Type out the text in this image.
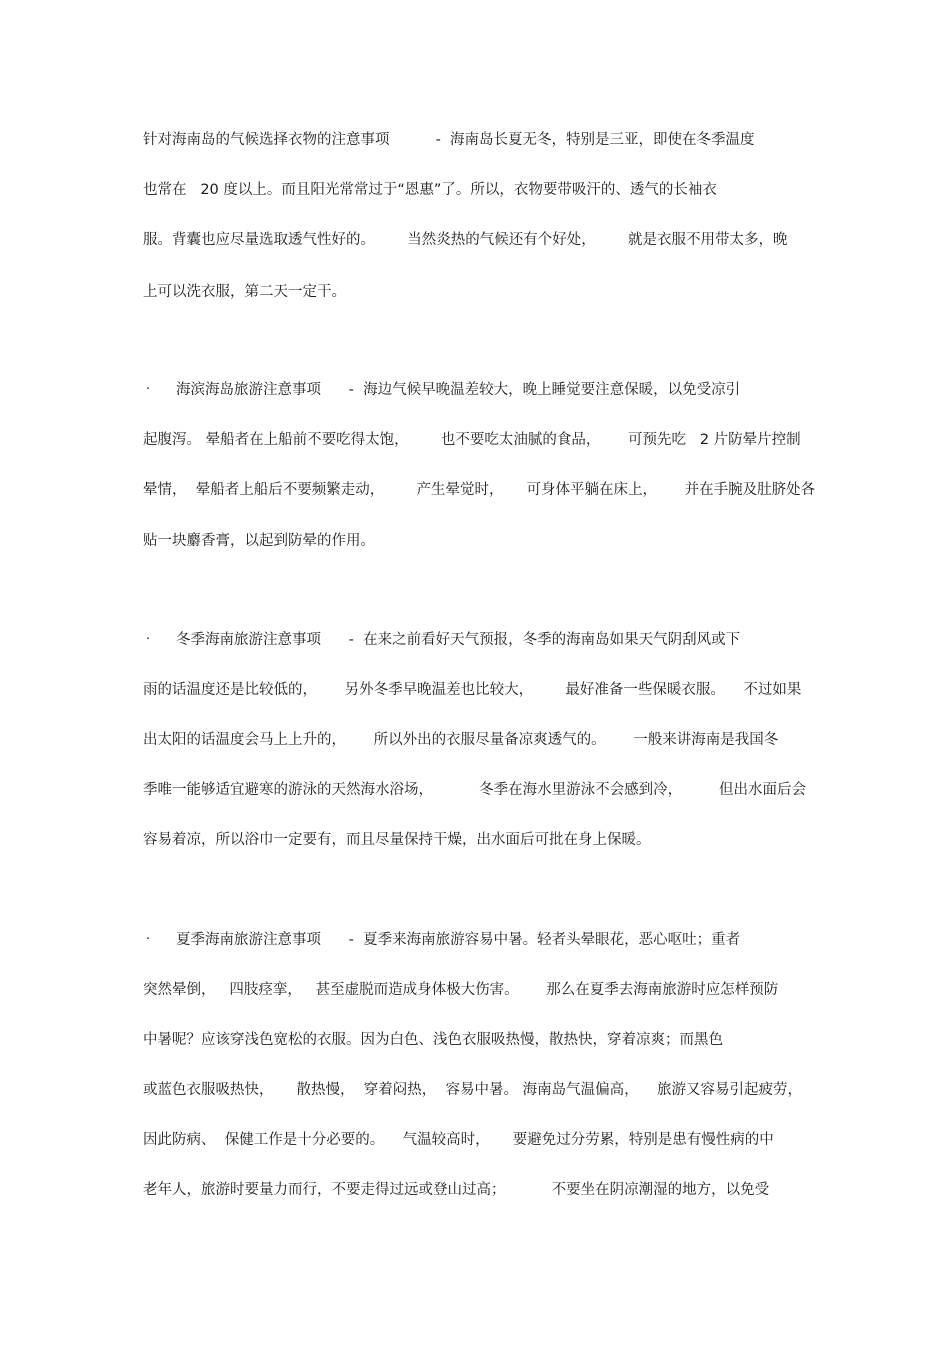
针对海南岛的气候选择衣物的注意事项          -  海南岛长夏无冬，特别是三亚，即使在冬季温度
也常在   20 度以上。而且阳光常常过于“恩惠”了。所以，衣物要带吸汗的、透气的长袖衣
服。背囊也应尽量选取透气性好的。       当然炎热的气候还有个好处，       就是衣服不用带太多，晚
上可以洗衣服，第二天一定干。
· 海滨海岛旅游注意事项      -  海边气候早晚温差较大，晚上睡觉要注意保暖，以免受凉引
起腹泻。 晕船者在上船前不要吃得太饱，       也不要吃太油腻的食品，      可预先吃   2 片防晕片控制
晕情，  晕船者上船后不要频繁走动，       产生晕觉时，     可身体平躺在床上，      并在手腕及肚脐处各
贴一块麝香膏，以起到防晕的作用。
· 冬季海南旅游注意事项      -  在来之前看好天气预报，冬季的海南岛如果天气阴刮风或下
雨的话温度还是比较低的，      另外冬季早晚温差也比较大，       最好准备一些保暖衣服。    不过如果
出太阳的话温度会马上上升的，      所以外出的衣服尽量备凉爽透气的。      一般来讲海南是我国冬
季唯一能够适宜避寒的游泳的天然海水浴场，          冬季在海水里游泳不会感到冷，        但出水面后会
容易着凉，所以浴巾一定要有，而且尽量保持干燥，出水面后可批在身上保暖。
· 夏季海南旅游注意事项      -  夏季来海南旅游容易中暑。轻者头晕眼花，恶心呕吐；重者
突然晕倒，   四肢痉挛，   甚至虚脱而造成身体极大伤害。      那么在夏季去海南旅游时应怎样预防
中暑呢？应该穿浅色宽松的衣服。因为白色、浅色衣服吸热慢，散热快，穿着凉爽；而黑色
或蓝色衣服吸热快，     散热慢，  穿着闷热，  容易中暑。 海南岛气温偏高，    旅游又容易引起疲劳，
因此防病、  保健工作是十分必要的。    气温较高时，     要避免过分劳累，特别是患有慢性病的中
老年人，旅游时要量力而行，不要走得过远或登山过高；          不要坐在阴凉潮湿的地方，以免受
